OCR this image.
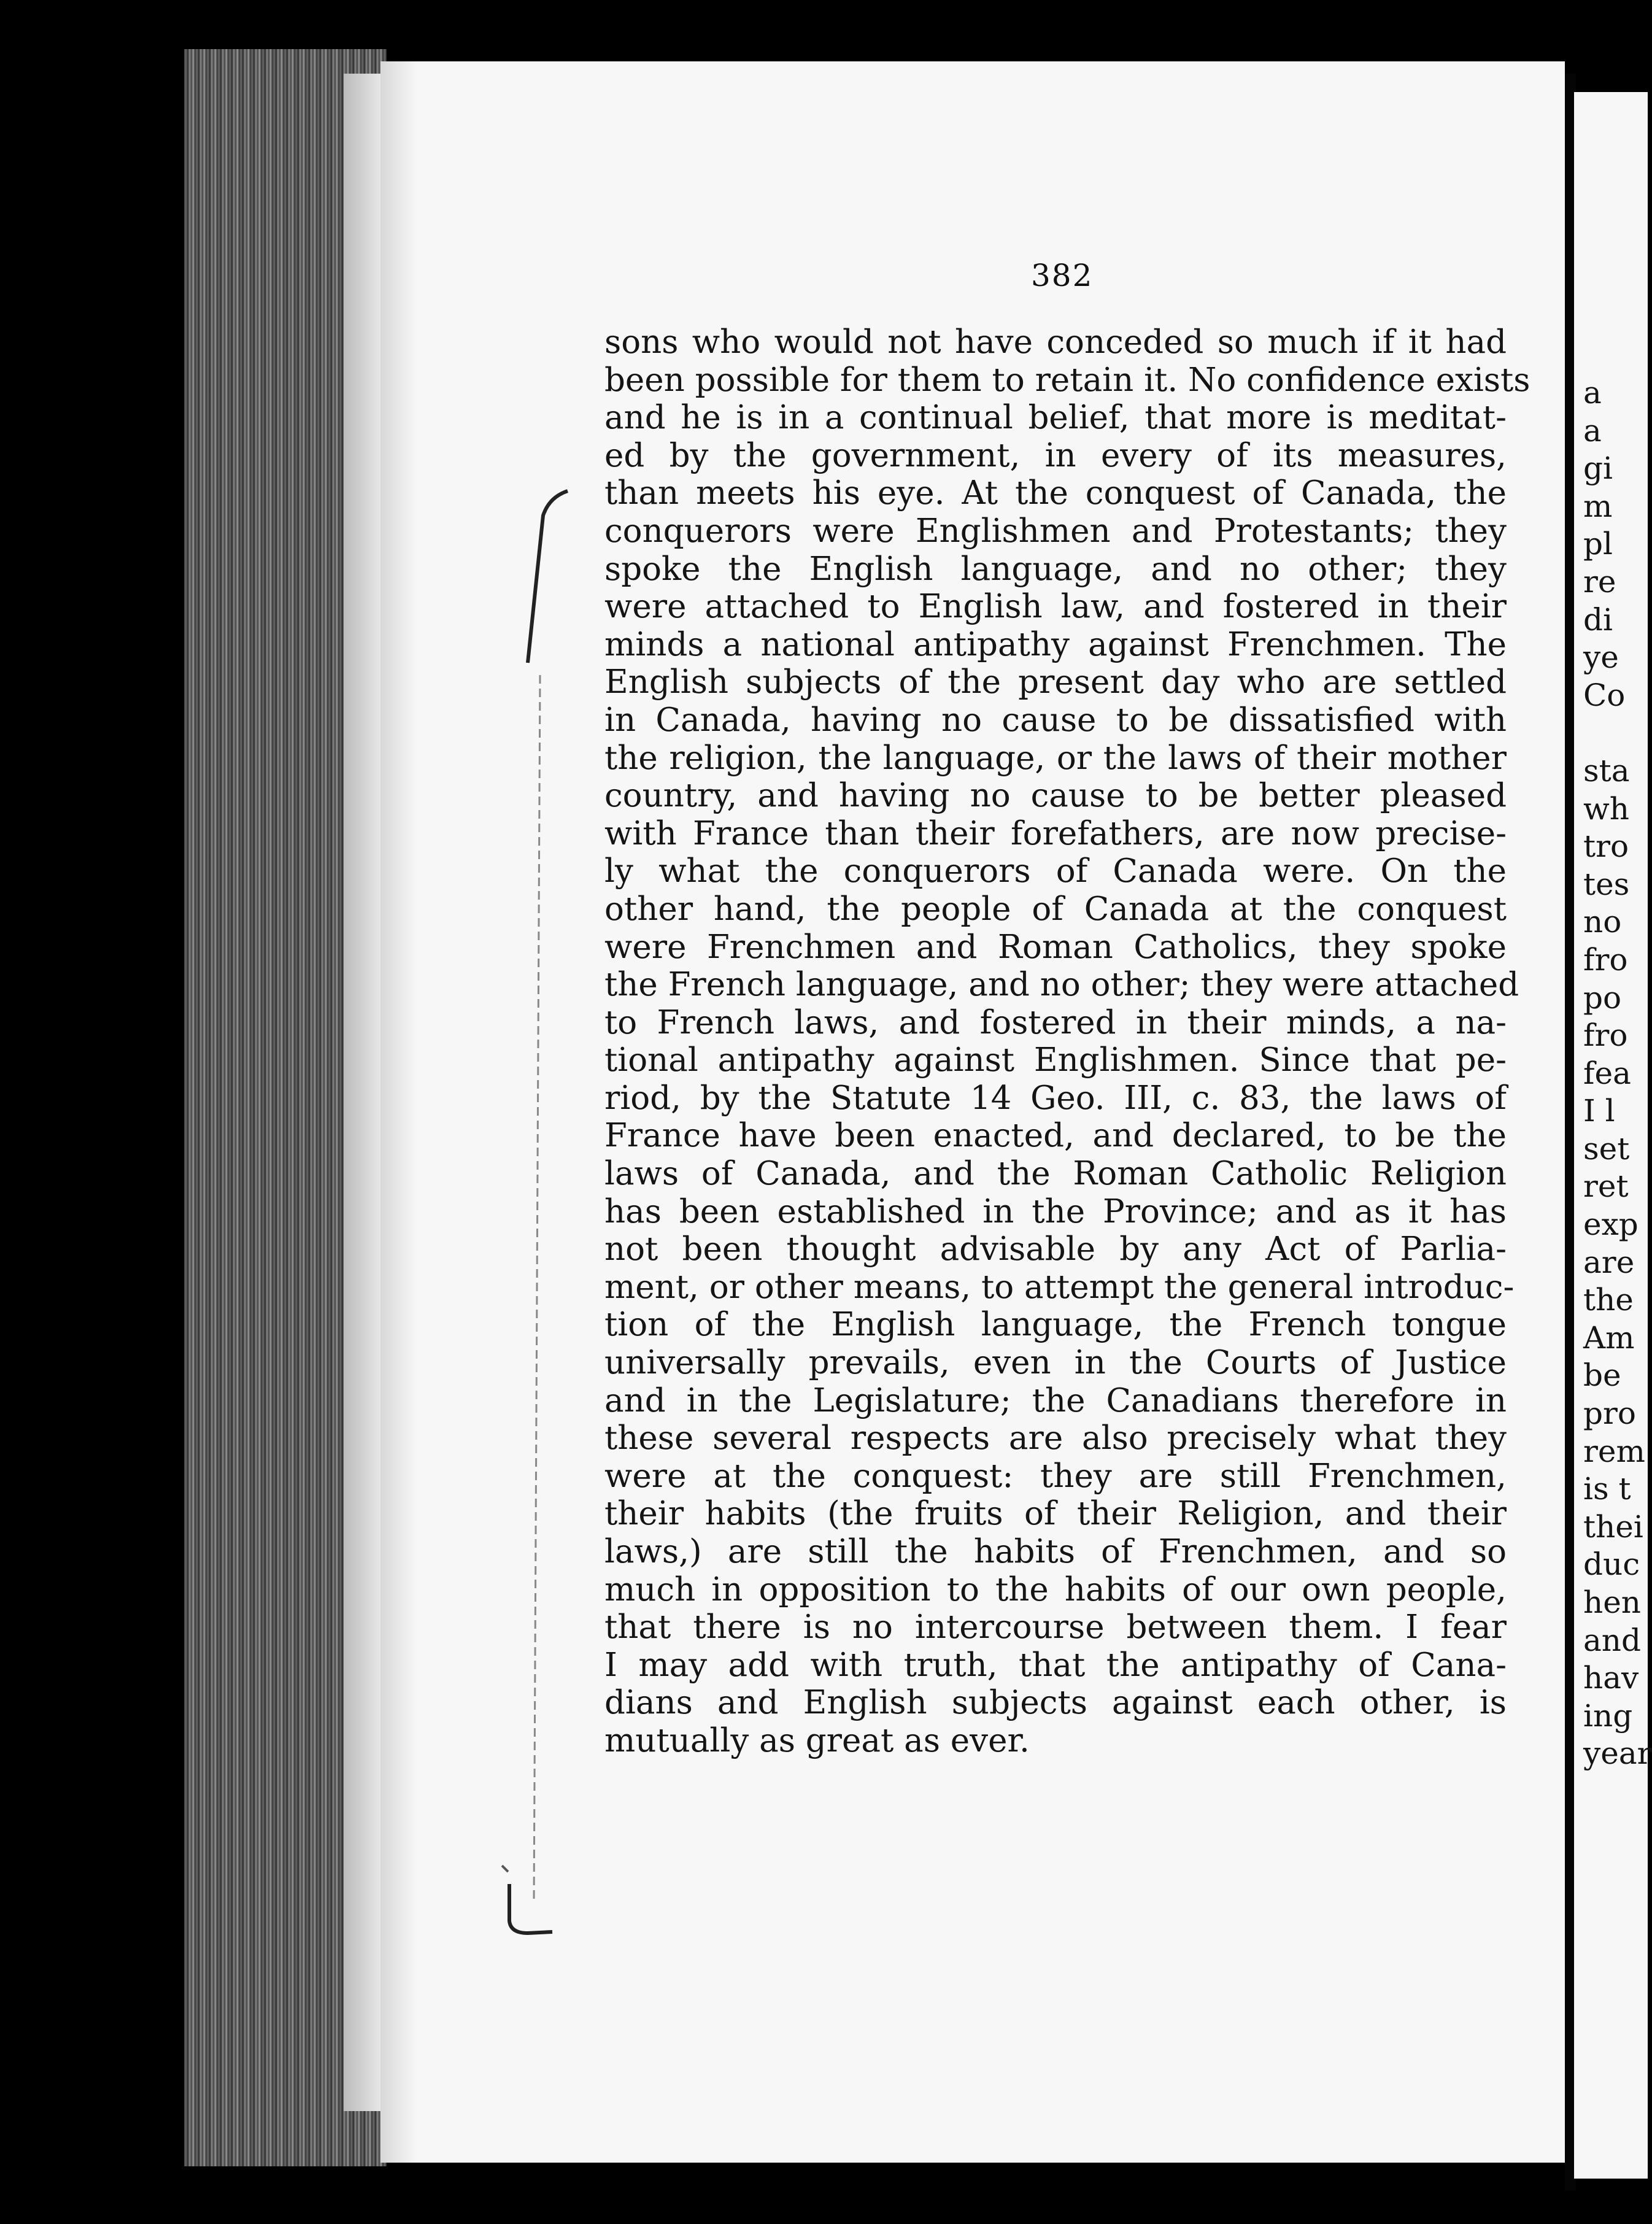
382
sons who would not have conceded so much if it had
been possible for them to retain it. No confidence exists
and he is in a continual belief, that more is meditat-
ed by the government, in every of its measures,
than meets his eye. At the conquest of Canada, the
conquerors were Englishmen and Protestants; they
spoke the English language, and no other; they
were attached to English law, and fostered in their
minds a national antipathy against Frenchmen. The
English subjects of the present day who are settled
in Canada, having no cause to be dissatisfied with
the religion, the language, or the laws of their mother
country, and having no cause to be better pleased
with France than their forefathers, are now precise-
ly what the conquerors of Canada were. On the
other hand, the people of Canada at the conquest
were Frenchmen and Roman Catholics, they spoke
the French language, and no other; they were attached
to French laws, and fostered in their minds, a na-
tional antipathy against Englishmen. Since that pe-
riod, by the Statute 14 Geo. III, c. 83, the laws of
France have been enacted, and declared, to be the
laws of Canada, and the Roman Catholic Religion
has been established in the Province; and as it has
not been thought advisable by any Act of Parlia-
ment, or other means, to attempt the general introduc-
tion of the English language, the French tongue
universally prevails, even in the Courts of Justice
and in the Legislature; the Canadians therefore in
these several respects are also precisely what they
were at the conquest: they are still Frenchmen,
their habits (the fruits of their Religion, and their
laws,) are still the habits of Frenchmen, and so
much in opposition to the habits of our own people,
that there is no intercourse between them. I fear
I may add with truth, that the antipathy of Cana-
dians and English subjects against each other, is
mutually as great as ever.
a
a
gi
m
pl
re
di
ye
Co
sta
wh
tro
tes
no
fro
po
fro
fea
I l
set
ret
exp
are
the
Am
be
pro
rem
is t
thei
duc
hen
and
hav
ing
year
